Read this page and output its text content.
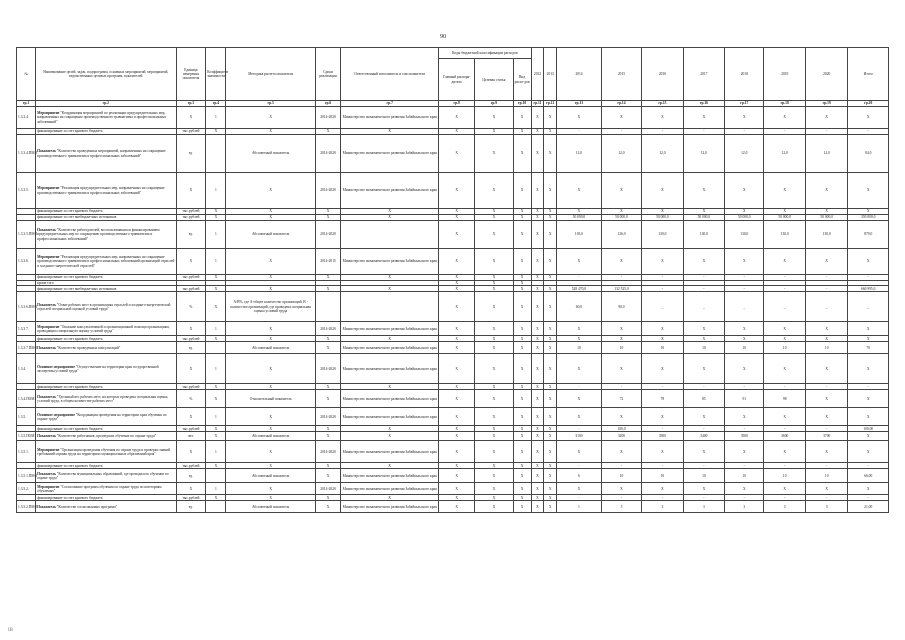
90
№	Наименование целей, задач, подпрограмм, основных мероприятий, мероприятий, ведомственных целевых программ, показателей	Единица измерения показателя	Коэффициент значимости	Методика расчета показателя	Сроки реализации	Ответственный исполнитель и соисполнители	Коды бюджетной классификации расходов			2012	2013	2014	2015	2016	2017	2018	2019	2020	Итого
							Главный распоря-дитель	Целевая статья	Вид расхо-дов										
гр.1	гр.2	гр.3	гр.4	гр.5	гр.6	гр.7	гр.8	гр.9	гр.10	гр.11	гр.12	гр.13	гр.14	гр.15	гр.16	гр.17	гр.18	гр.19	гр.20
1.3.3.4.	Мероприятие "Координация мероприятий по реализации предупредительных мер, направленных на сокращение производственного травматизма и профессиональных заболеваний"	X	1	X	2014-2020	Министерство экономического развития Забайкальского края	X	X	X	X	X	X	X	X	X	X	X	X	X
	финансирование за счет краевого бюджета	тыс.рублей	X	X	X	X	X	X	X	X	X	-	-	-	-	-	-	-	-
1.3.3.4.ПМ-1	Показатель "Количество проведенных мероприятий, направленных на сокращение производственного травматизма и профессиональных заболеваний"	ед.		Абсолютный показатель	2014-2020	Министерство экономического развития Забайкальского края	X	X	X	X	X	12,0	12,0	12,0	12,0	12,0	12,0	12,0	84,0
1.3.3.5.	Мероприятие "Реализация предупредительных мер, направленных на сокращение производственного травматизма и профессиональных заболеваний"	X	1	X	2014-2020	Министерство экономического развития Забайкальского края	X	X	X	X	X	X	X	X	X	X	X	X	X
	финансирование за счет краевого бюджета	тыс.рублей	X	X	X	X	X	X	X	X	X	X	X	X	X	X	X	X	X
	финансирование за счет внебюджетных источников	тыс.рублей	X	X	X	X	X	X	X	X	X	50 000,0	50 000,0	50 000,0	50 000,0	50 000,0	50 000,0	50 000,0	350 000,0
1.3.3.5.ПМ-1	Показатель "Количество работодателей, воспользовавшихся финансированием предупредительных мер по сокращению производственного травматизма и профессиональных заболеваний"	ед.	1	Абсолютный показатель	2014-2020		X	X	X	X	X	103,0	126,0	130,0	130,0	130,0	130,0	130,0	879,0
1.3.3.6.	Мероприятие "Реализация предупредительных мер, направленных на сокращение производственного травматизма и профессиональных заболеваний организаций отраслей и холдинго-энергетической отраслей"	X	1	X	2014-2015	Министерство экономического развития Забайкальского края	X	X	X	X	X	X	X	X	X	X	X	X	X
	финансирование за счет краевого бюджета	тыс.рублей	X	X	X	X	X	X	X	X	X	-	-	-	-	-	-	-	-
	кроме того						X	X	X										
	финансирование за счет внебюджетных источников	тыс.рублей	X	X	X	X	X	X	X	X	X	528 470,0	132 525,0	-	-	-	-	-	660 995,0
1.3.3.6.ПМ-1	Показатель "Охват рабочих мест в организациях отраслей и холдинго-энергетической отраслей специальной оценкой условий труда"	%	X	А/В%, где А-общее количество организаций, В - количество организаций, где проведена специальная оценка условий труда			X	X	X	X	X	60,0	90,0	_	_	_	_	_	_
1.3.3.7.	Мероприятие "Оказание консультативной и организационной помощи организациям, проводящим специальную оценку условий труда"	X	1	X	2014-2020	Министерство экономического развития Забайкальского края	X	X	X	X	X	X	X	X	X	X	X	X	X
	финансирование за счет краевого бюджета	тыс.рублей	X	X	X	X	X	X	X	X	X	X	X	X	X	X	X	X	X
1.3.3.7.ПМ-1	Показатель "Количество проведенных консультаций"	ед.		Абсолютный показатель	X	Министерство экономического развития Забайкальского края	X	X	X	X	X	10	10	10	10	10	10	10	70
1.3.4.	Основное мероприятие "Осуществление на территории края государственной экспертизы условий труда"	X	1	X	2014-2020	Министерство экономического развития Забайкальского края	X	X	X	X	X	X	X	X	X	X	X	X	X
	финансирование за счет краевого бюджета	тыс.рублей	X	X	X	X	X	X	X	X	X	-	-	-	-	-	-	-	-
1.3.4.ПОМ1	Показатель "Удельный вес рабочих мест, на которых проведена специальная оценка условий труда, в общем количестве рабочих мест"	%	X	Относительный показатель	X	Министерство экономического развития Забайкальского края	X	X	X	X	X	X	72	78	85	91	98	X	X
1.3.5.	Основное мероприятие "Координация проведения на территории края обучения по охране труда"	X	1	X	2014-2020	Министерство экономического развития Забайкальского края	X	X	X	X	X	X	X	X	X	X	X	X	X
	финансирование за счет краевого бюджета	тыс.рублей	X	X	X	X	X	X	X	X	X	-	100,0	-	-	-	-	-	100,00
1.3.5.ПОМ1	Показатель "Количество работников, прошедших обучение по охране труда"	чел.	X	Абсолютный показатель	X	X	X	X	X	X	X	3100	3200	3300	3400	3500	3600	3700	X
1.3.5.1.	Мероприятие "Организация проведения обучения по охране труда и проверки знаний требований охраны труда на территориях муниципальных образований края"	X	1	X	2014-2020	Министерство экономического развития Забайкальского края	X	X	X	X	X	X	X	X	X	X	X	X	X
	финансирование за счет краевого бюджета	тыс.рублей	X	X	X	X	X	X	X	X	X	-	-	-	-	-	-	-	-
1.3.5.1.ПМ-1	Показатель "Количество муниципальных образований, где проводилось обучение по охране труда"	ед.		Абсолютный показатель	X	Министерство экономического развития Забайкальского края	X	X	X	X	X	6	10	10	10	10	10	10	66,00
1.3.5.2.	Мероприятие "Согласование программ обучения по охране труда по категориям обучаемых"	X	1	X	2014-2020	Министерство экономического развития Забайкальского края	X	X	X	X	X	X	X	X	X	X	X	X	X
	финансирование за счет краевого бюджета	тыс.рублей	X	X	X	X	X	X	X	X	X	-	-	-	-	-	-	-	-
1.3.5.2.ПМ-1	Показатель "Количество согласованных программ"	ед.		Абсолютный показатель	X	Министерство экономического развития Забайкальского края	X	X	X	X	X	1	5	3	3	3	3	3	21,00
IB
